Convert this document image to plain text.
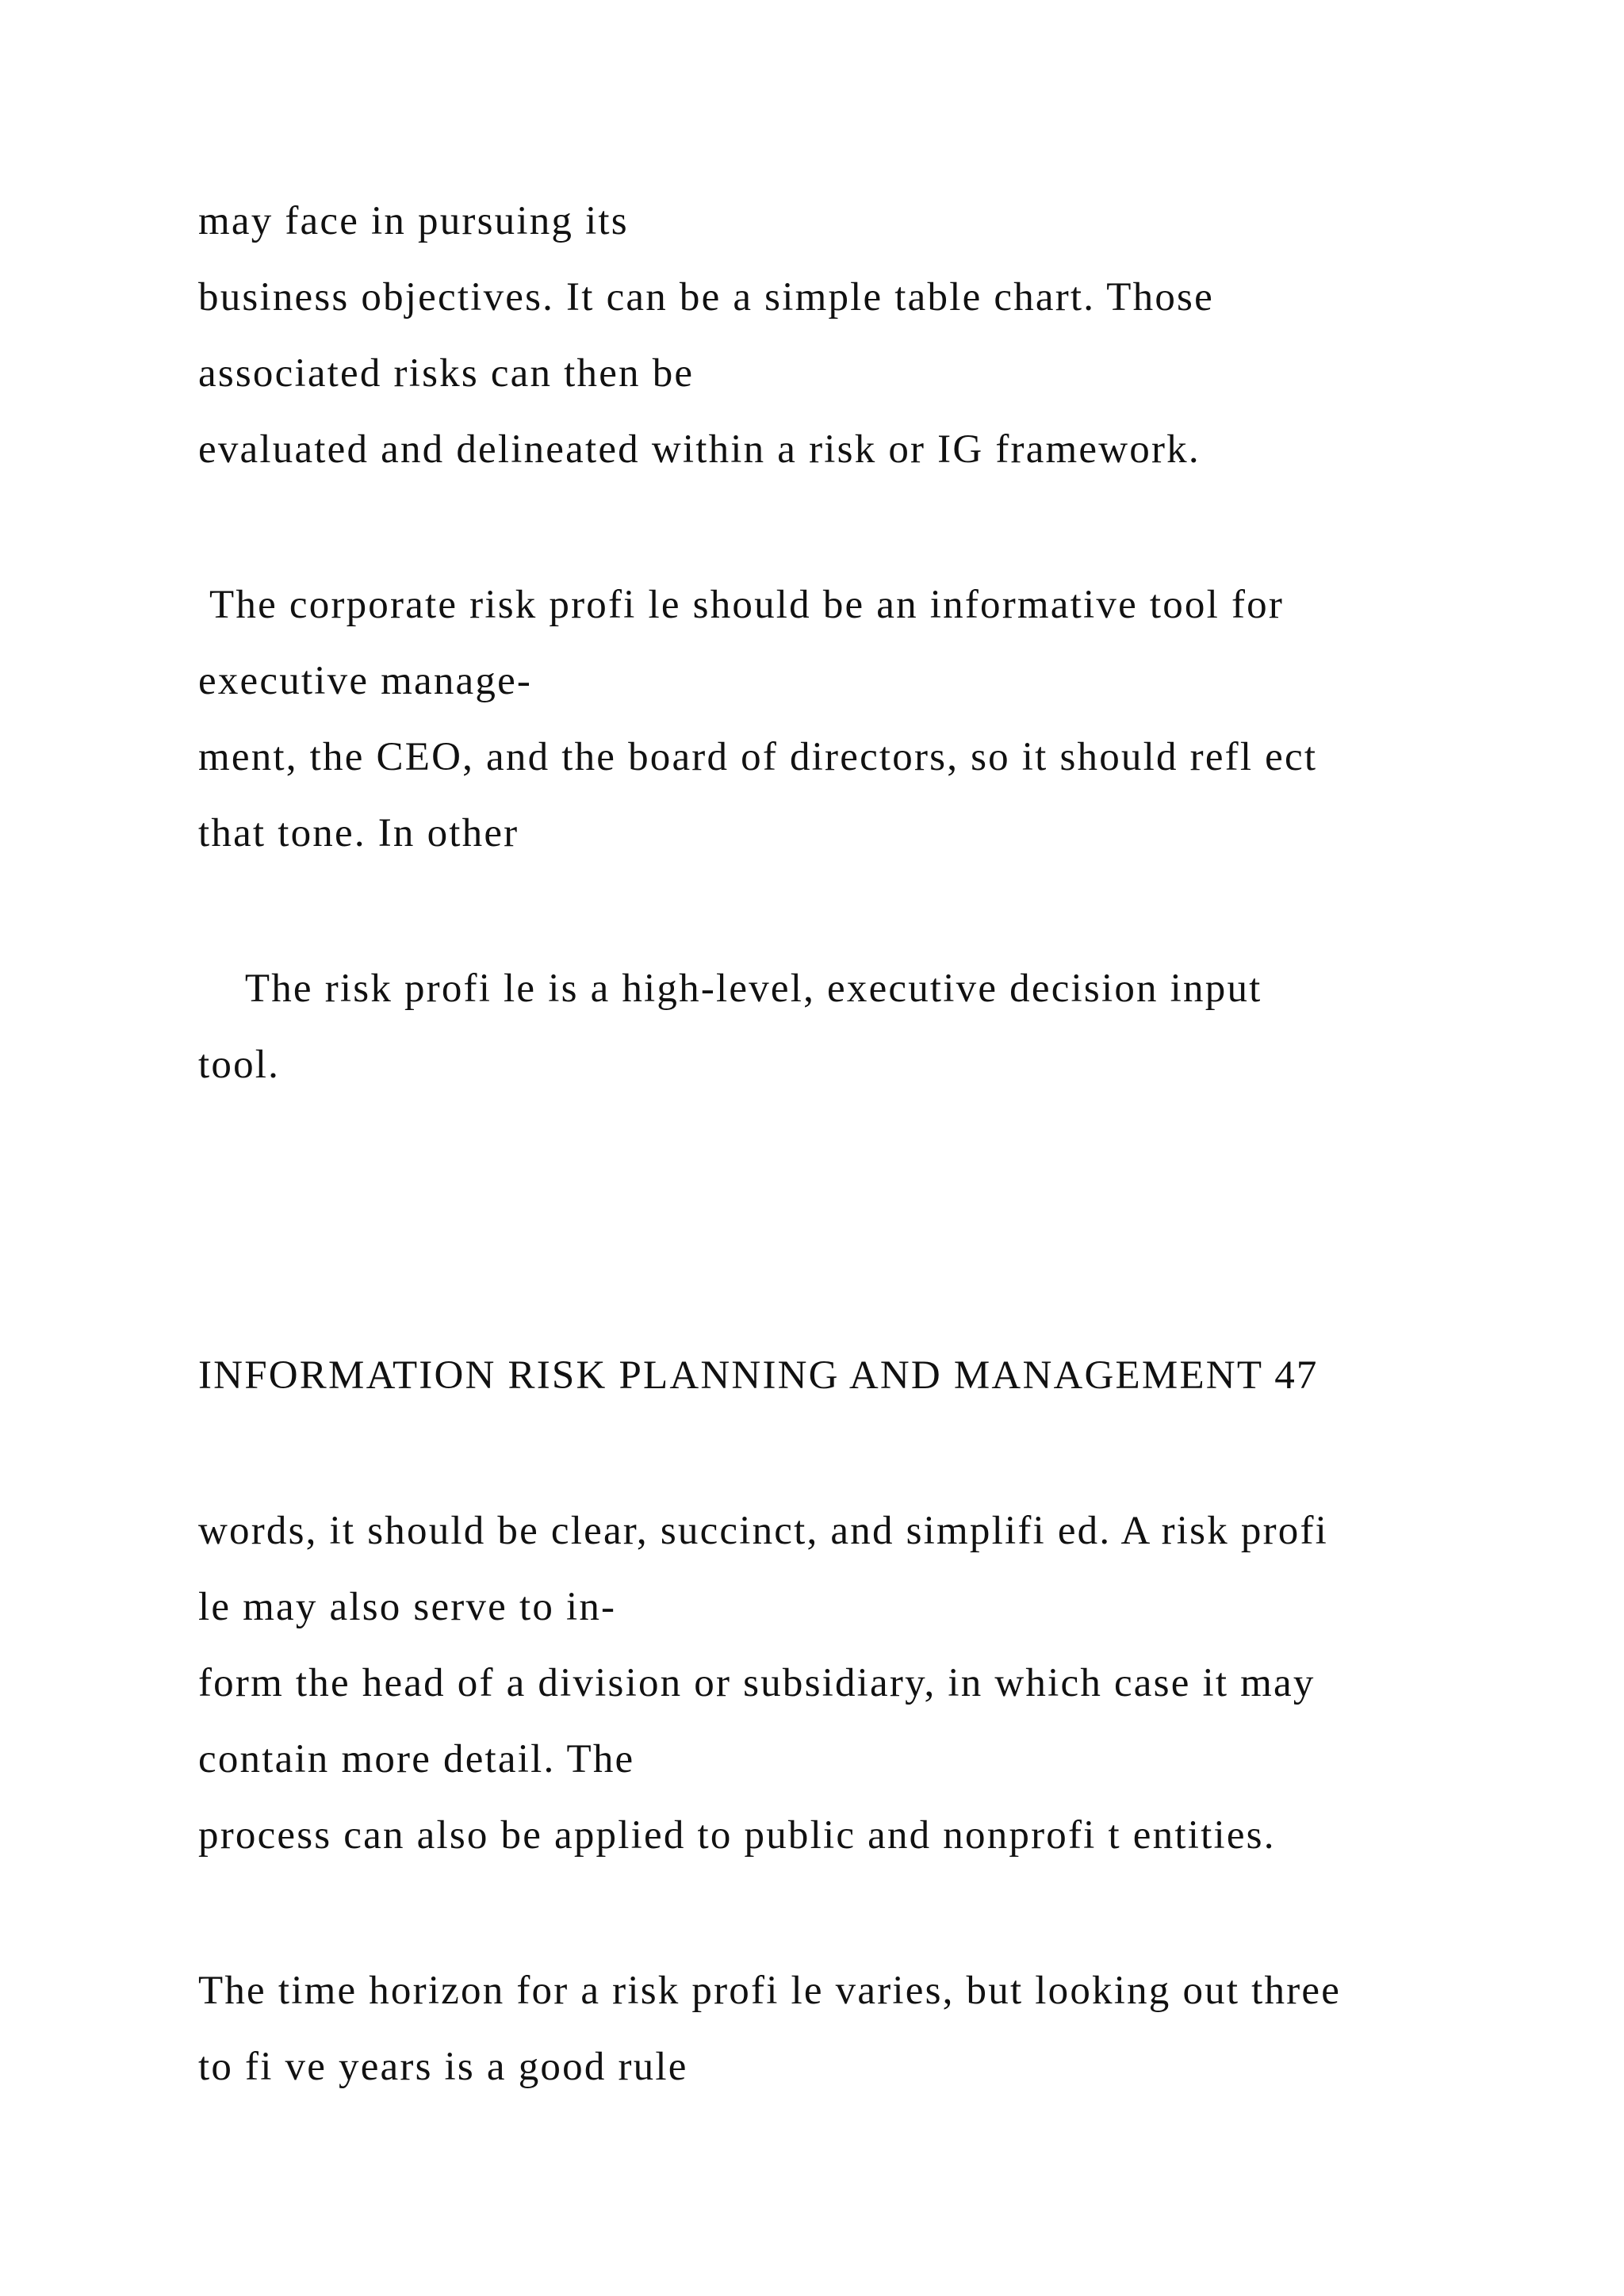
may face in pursuing its

business objectives. It can be a simple table chart. Those

associated risks can then be

evaluated and delineated within a risk or IG framework.

The corporate risk profi le should be an informative tool for

executive manage-

ment, the CEO, and the board of directors, so it should refl ect

that tone. In other

The risk profi le is a high-level, executive decision input

tool.

INFORMATION RISK PLANNING AND MANAGEMENT 47

words, it should be clear, succinct, and simplifi ed. A risk profi

le may also serve to in-

form the head of a division or subsidiary, in which case it may

contain more detail. The

process can also be applied to public and nonprofi t entities.

The time horizon for a risk profi le varies, but looking out three

to fi ve years is a good rule
